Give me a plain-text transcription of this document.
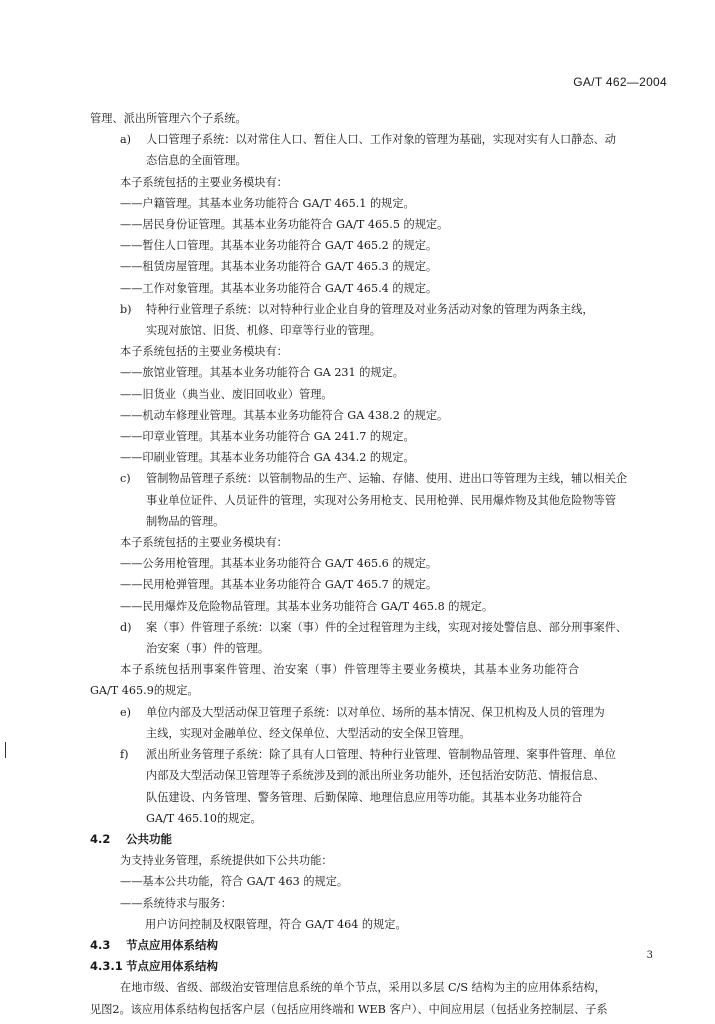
GA/T 462—2004
管理、派出所管理六个子系统。
a)	人口管理子系统：以对常住人口、暂住人口、工作对象的管理为基础，实现对实有人口静态、动
态信息的全面管理。
本子系统包括的主要业务模块有：
——户籍管理。其基本业务功能符合 GA/T 465.1 的规定。
——居民身份证管理。其基本业务功能符合 GA/T 465.5 的规定。
——暂住人口管理。其基本业务功能符合 GA/T 465.2 的规定。
——租赁房屋管理。其基本业务功能符合 GA/T 465.3 的规定。
——工作对象管理。其基本业务功能符合 GA/T 465.4 的规定。
b)	特种行业管理子系统：以对特种行业企业自身的管理及对业务活动对象的管理为两条主线，
实现对旅馆、旧货、机修、印章等行业的管理。
本子系统包括的主要业务模块有：
——旅馆业管理。其基本业务功能符合 GA 231 的规定。
——旧货业（典当业、废旧回收业）管理。
——机动车修理业管理。其基本业务功能符合 GA 438.2 的规定。
——印章业管理。其基本业务功能符合 GA 241.7 的规定。
——印刷业管理。其基本业务功能符合 GA 434.2 的规定。
c)	管制物品管理子系统：以管制物品的生产、运输、存储、使用、进出口等管理为主线，辅以相关企
事业单位证件、人员证件的管理，实现对公务用枪支、民用枪弹、民用爆炸物及其他危险物等管
制物品的管理。
本子系统包括的主要业务模块有：
——公务用枪管理。其基本业务功能符合 GA/T 465.6 的规定。
——民用枪弹管理。其基本业务功能符合 GA/T 465.7 的规定。
——民用爆炸及危险物品管理。其基本业务功能符合 GA/T 465.8 的规定。
d)	案（事）件管理子系统：以案（事）件的全过程管理为主线，实现对接处警信息、部分刑事案件、
治安案（事）件的管理。
本子系统包括刑事案件管理、治安案（事）件管理等主要业务模块，其基本业务功能符合
GA/T 465.9的规定。
e)	单位内部及大型活动保卫管理子系统：以对单位、场所的基本情况、保卫机构及人员的管理为
主线，实现对金融单位、经文保单位、大型活动的安全保卫管理。
f)	派出所业务管理子系统：除了具有人口管理、特种行业管理、管制物品管理、案事件管理、单位
内部及大型活动保卫管理等子系统涉及到的派出所业务功能外，还包括治安防范、情报信息、
队伍建设、内务管理、警务管理、后勤保障、地理信息应用等功能。其基本业务功能符合
GA/T 465.10的规定。
4.2 公共功能
为支持业务管理，系统提供如下公共功能：
——基本公共功能，符合 GA/T 463 的规定。
——系统待求与服务：
用户访问控制及权限管理，符合 GA/T 464 的规定。
4.3 节点应用体系结构
4.3.1 节点应用体系结构
在地市级、省级、部级治安管理信息系统的单个节点，采用以多层 C/S 结构为主的应用体系结构，
见图2。该应用体系结构包括客户层（包括应用终端和 WEB 客户）、中间应用层（包括业务控制层、子系
3
